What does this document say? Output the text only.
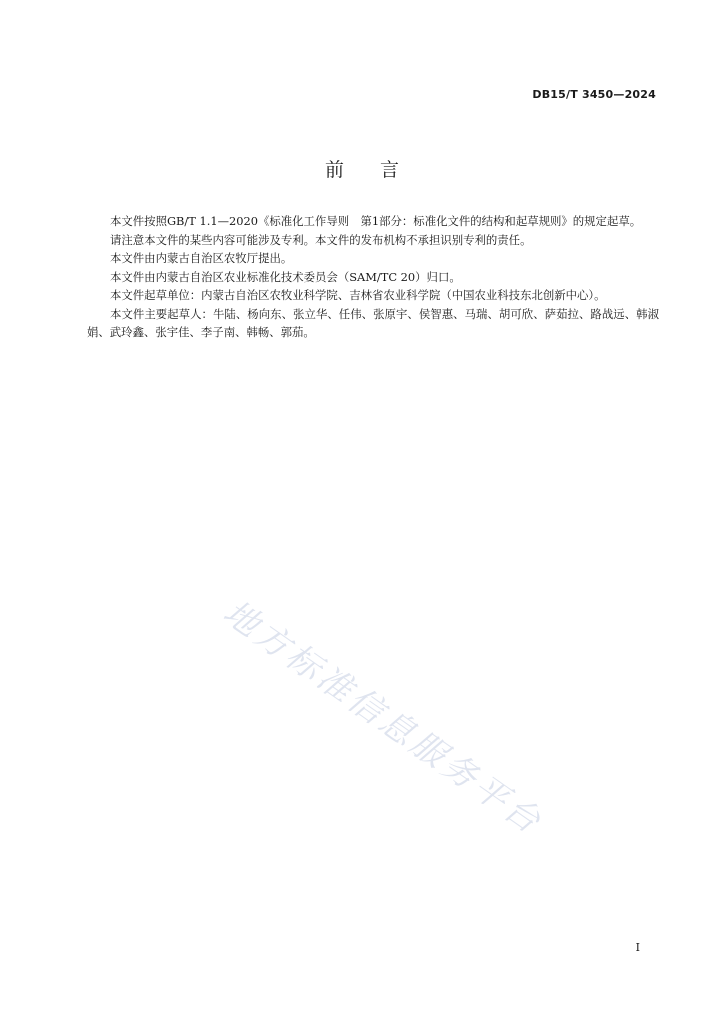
DB15/T 3450—2024
前言

本文件按照GB/T 1.1—2020《标准化工作导则　第1部分：标准化文件的结构和起草规则》的规定起草。

请注意本文件的某些内容可能涉及专利。本文件的发布机构不承担识别专利的责任。

本文件由内蒙古自治区农牧厅提出。

本文件由内蒙古自治区农业标准化技术委员会（SAM/TC 20）归口。

本文件起草单位：内蒙古自治区农牧业科学院、吉林省农业科学院（中国农业科技东北创新中心）。

本文件主要起草人：牛陆、杨向东、张立华、任伟、张原宇、侯智惠、马瑞、胡可欣、萨茹拉、路战远、韩淑娟、武玲鑫、张宇佳、李子南、韩畅、郭茄。

地方标准信息服务平台
I
